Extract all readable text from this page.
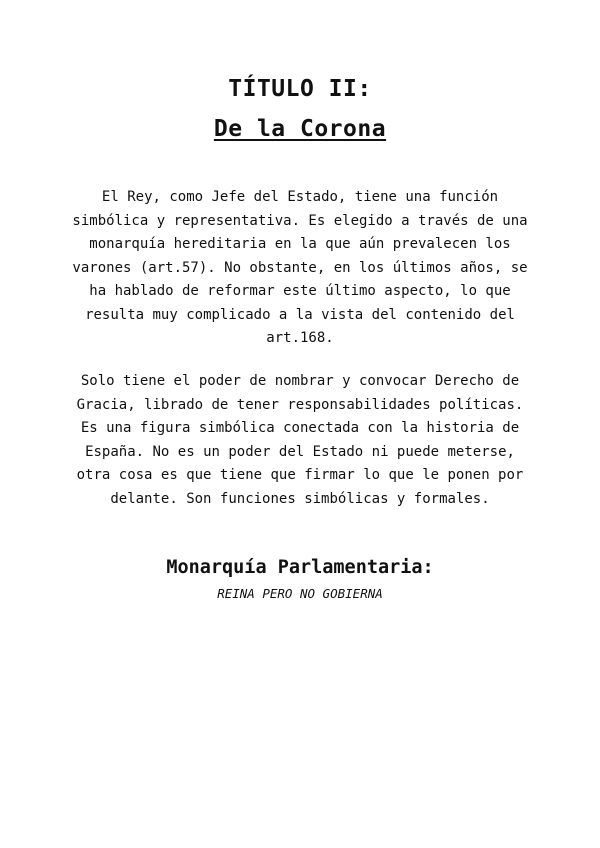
TÍTULO II:
De la Corona

El Rey, como Jefe del Estado, tiene una función simbólica y representativa. Es elegido a través de una monarquía hereditaria en la que aún prevalecen los varones (art.57). No obstante, en los últimos años, se ha hablado de reformar este último aspecto, lo que resulta muy complicado a la vista del contenido del art.168.

Solo tiene el poder de nombrar y convocar Derecho de Gracia, librado de tener responsabilidades políticas. Es una figura simbólica conectada con la historia de España. No es un poder del Estado ni puede meterse, otra cosa es que tiene que firmar lo que le ponen por delante. Son funciones simbólicas y formales.

Monarquía Parlamentaria:

REINA PERO NO GOBIERNA
